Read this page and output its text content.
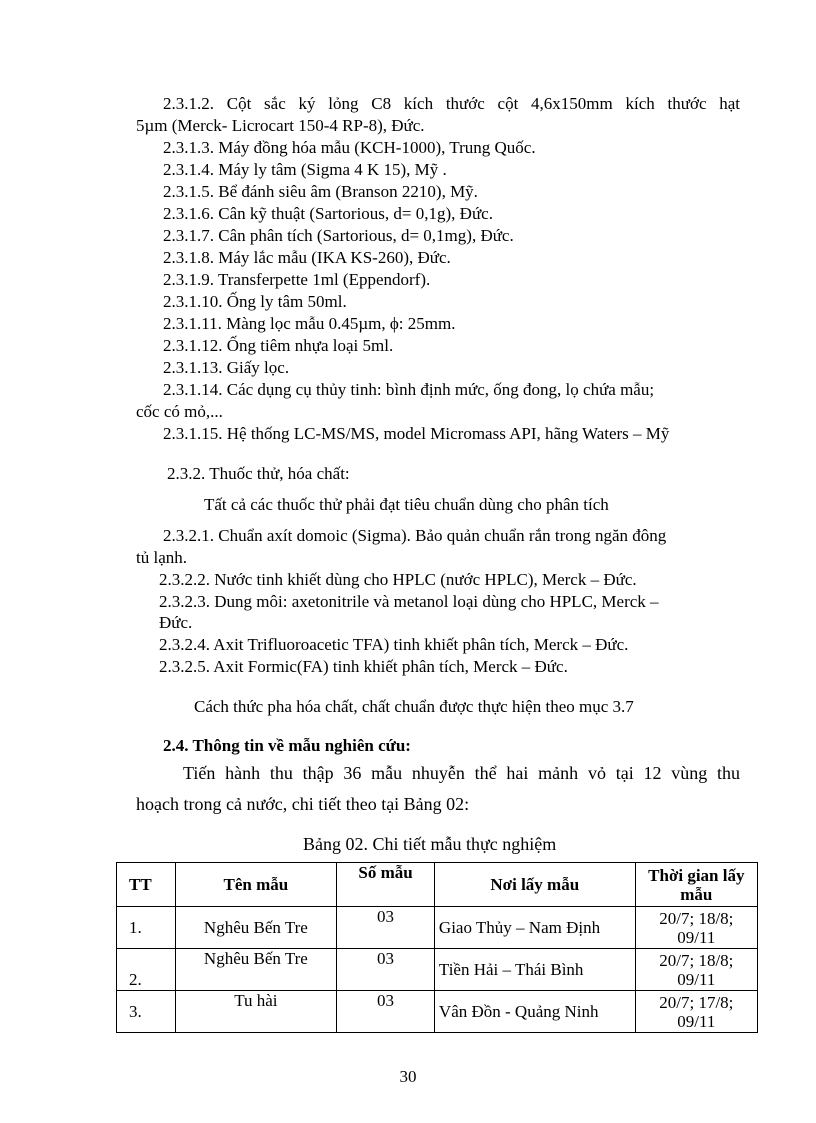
2.3.1.2. Cột sắc ký lỏng C8 kích thước cột 4,6x150mm kích thước hạt
5µm (Merck- Licrocart 150-4 RP-8), Đức.
2.3.1.3. Máy đồng hóa mẫu (KCH-1000), Trung Quốc.
2.3.1.4. Máy ly tâm (Sigma 4 K 15), Mỹ .
2.3.1.5. Bể đánh siêu âm (Branson 2210), Mỹ.
2.3.1.6. Cân kỹ thuật (Sartorious, d= 0,1g), Đức.
2.3.1.7. Cân phân tích (Sartorious, d= 0,1mg), Đức.
2.3.1.8. Máy lắc mẫu (IKA KS-260), Đức.
2.3.1.9. Transferpette 1ml (Eppendorf).
2.3.1.10. Ống ly tâm 50ml.
2.3.1.11. Màng lọc mẫu 0.45µm, ϕ: 25mm.
2.3.1.12. Ống tiêm nhựa loại 5ml.
2.3.1.13. Giấy lọc.
2.3.1.14. Các dụng cụ thủy tinh: bình định mức, ống đong, lọ chứa mẫu;
cốc có mỏ,...
2.3.1.15. Hệ thống LC-MS/MS, model Micromass API, hãng Waters – Mỹ
2.3.2. Thuốc thử, hóa chất:
Tất cả các thuốc thử phải đạt tiêu chuẩn dùng cho phân tích
2.3.2.1. Chuẩn axít domoic (Sigma). Bảo quản chuẩn rắn trong ngăn đông
tủ lạnh.
2.3.2.2. Nước tinh khiết dùng cho HPLC (nước HPLC), Merck – Đức.
2.3.2.3. Dung môi: axetonitrile và metanol loại dùng cho HPLC, Merck –
Đức.
2.3.2.4. Axit Trifluoroacetic TFA) tinh khiết phân tích, Merck – Đức.
2.3.2.5. Axit Formic(FA) tinh khiết phân tích, Merck – Đức.
Cách thức pha hóa chất, chất chuẩn được thực hiện theo mục 3.7
2.4. Thông tin về mẫu nghiên cứu:
Tiến hành thu thập 36 mẫu nhuyễn thể hai mảnh vỏ tại 12 vùng thu
hoạch trong cả nước, chi tiết theo tại Bảng 02:
Bảng 02. Chi tiết mẫu thực nghiệm
TT	Tên mẫu	Số mẫu	Nơi lấy mẫu	Thời gian lấy mẫu
1.	Nghêu Bến Tre	03	Giao Thủy – Nam Định	20/7; 18/8; 09/11
2.	Nghêu Bến Tre	03	Tiền Hải – Thái Bình	20/7; 18/8; 09/11
3.	Tu hài	03	Vân Đồn - Quảng Ninh	20/7; 17/8; 09/11
30
